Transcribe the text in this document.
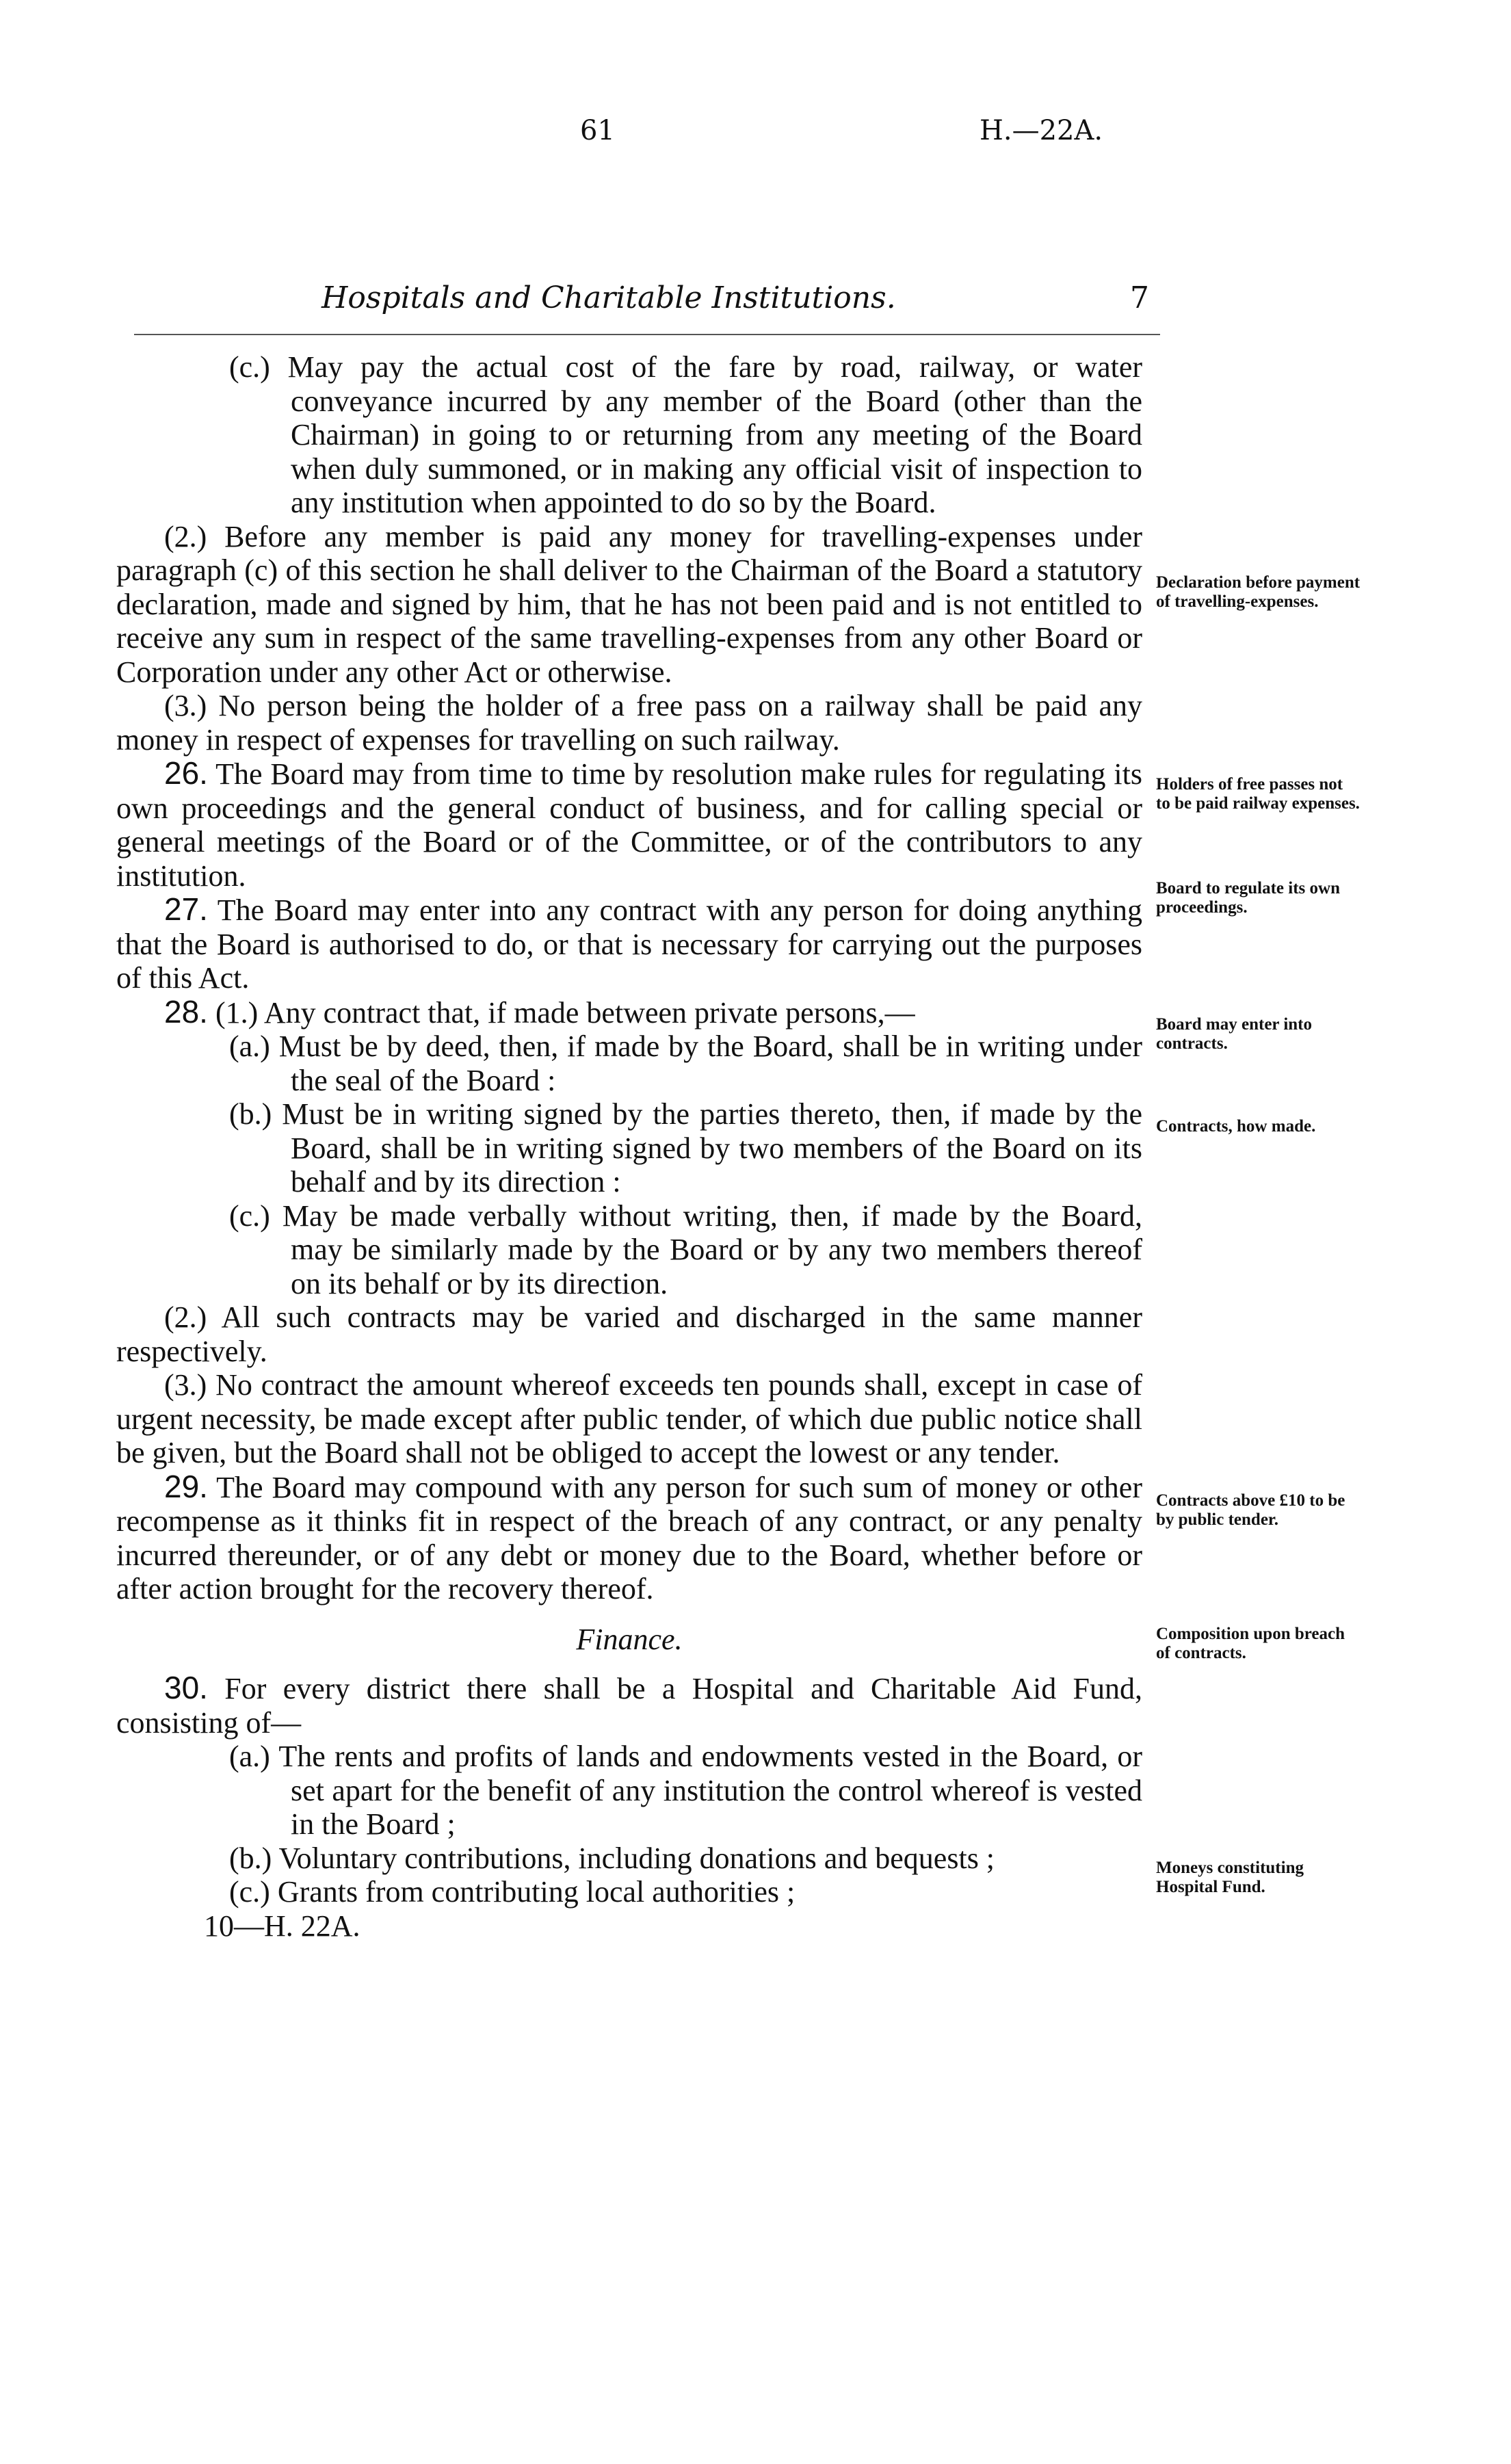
61	H.—22A.
Hospitals and Charitable Institutions.	7

(c.) May pay the actual cost of the fare by road, railway, or water conveyance incurred by any member of the Board (other than the Chairman) in going to or returning from any meeting of the Board when duly summoned, or in making any official visit of inspection to any institution when appointed to do so by the Board.

(2.) Before any member is paid any money for travelling-expenses under paragraph (c) of this section he shall deliver to the Chairman of the Board a statutory declaration, made and signed by him, that he has not been paid and is not entitled to receive any sum in respect of the same travelling-expenses from any other Board or Corporation under any other Act or otherwise.

(3.) No person being the holder of a free pass on a railway shall be paid any money in respect of expenses for travelling on such railway.

26. The Board may from time to time by resolution make rules for regulating its own proceedings and the general conduct of business, and for calling special or general meetings of the Board or of the Committee, or of the contributors to any institution.

27. The Board may enter into any contract with any person for doing anything that the Board is authorised to do, or that is necessary for carrying out the purposes of this Act.

28. (1.) Any contract that, if made between private persons,—

(a.) Must be by deed, then, if made by the Board, shall be in writing under the seal of the Board :

(b.) Must be in writing signed by the parties thereto, then, if made by the Board, shall be in writing signed by two members of the Board on its behalf and by its direction :

(c.) May be made verbally without writing, then, if made by the Board, may be similarly made by the Board or by any two members thereof on its behalf or by its direction.

(2.) All such contracts may be varied and discharged in the same manner respectively.

(3.) No contract the amount whereof exceeds ten pounds shall, except in case of urgent necessity, be made except after public tender, of which due public notice shall be given, but the Board shall not be obliged to accept the lowest or any tender.

29. The Board may compound with any person for such sum of money or other recompense as it thinks fit in respect of the breach of any contract, or any penalty incurred thereunder, or of any debt or money due to the Board, whether before or after action brought for the recovery thereof.

Finance.

30. For every district there shall be a Hospital and Charitable Aid Fund, consisting of—

(a.) The rents and profits of lands and endowments vested in the Board, or set apart for the benefit of any institution the control whereof is vested in the Board ;

(b.) Voluntary contributions, including donations and bequests ;

(c.) Grants from contributing local authorities ;

10—H. 22A.

Declaration before payment of travelling-expenses.
Holders of free passes not to be paid railway expenses.
Board to regulate its own proceedings.
Board may enter into contracts.
Contracts, how made.
Contracts above £10 to be by public tender.
Composition upon breach of contracts.
Moneys constituting Hospital Fund.
